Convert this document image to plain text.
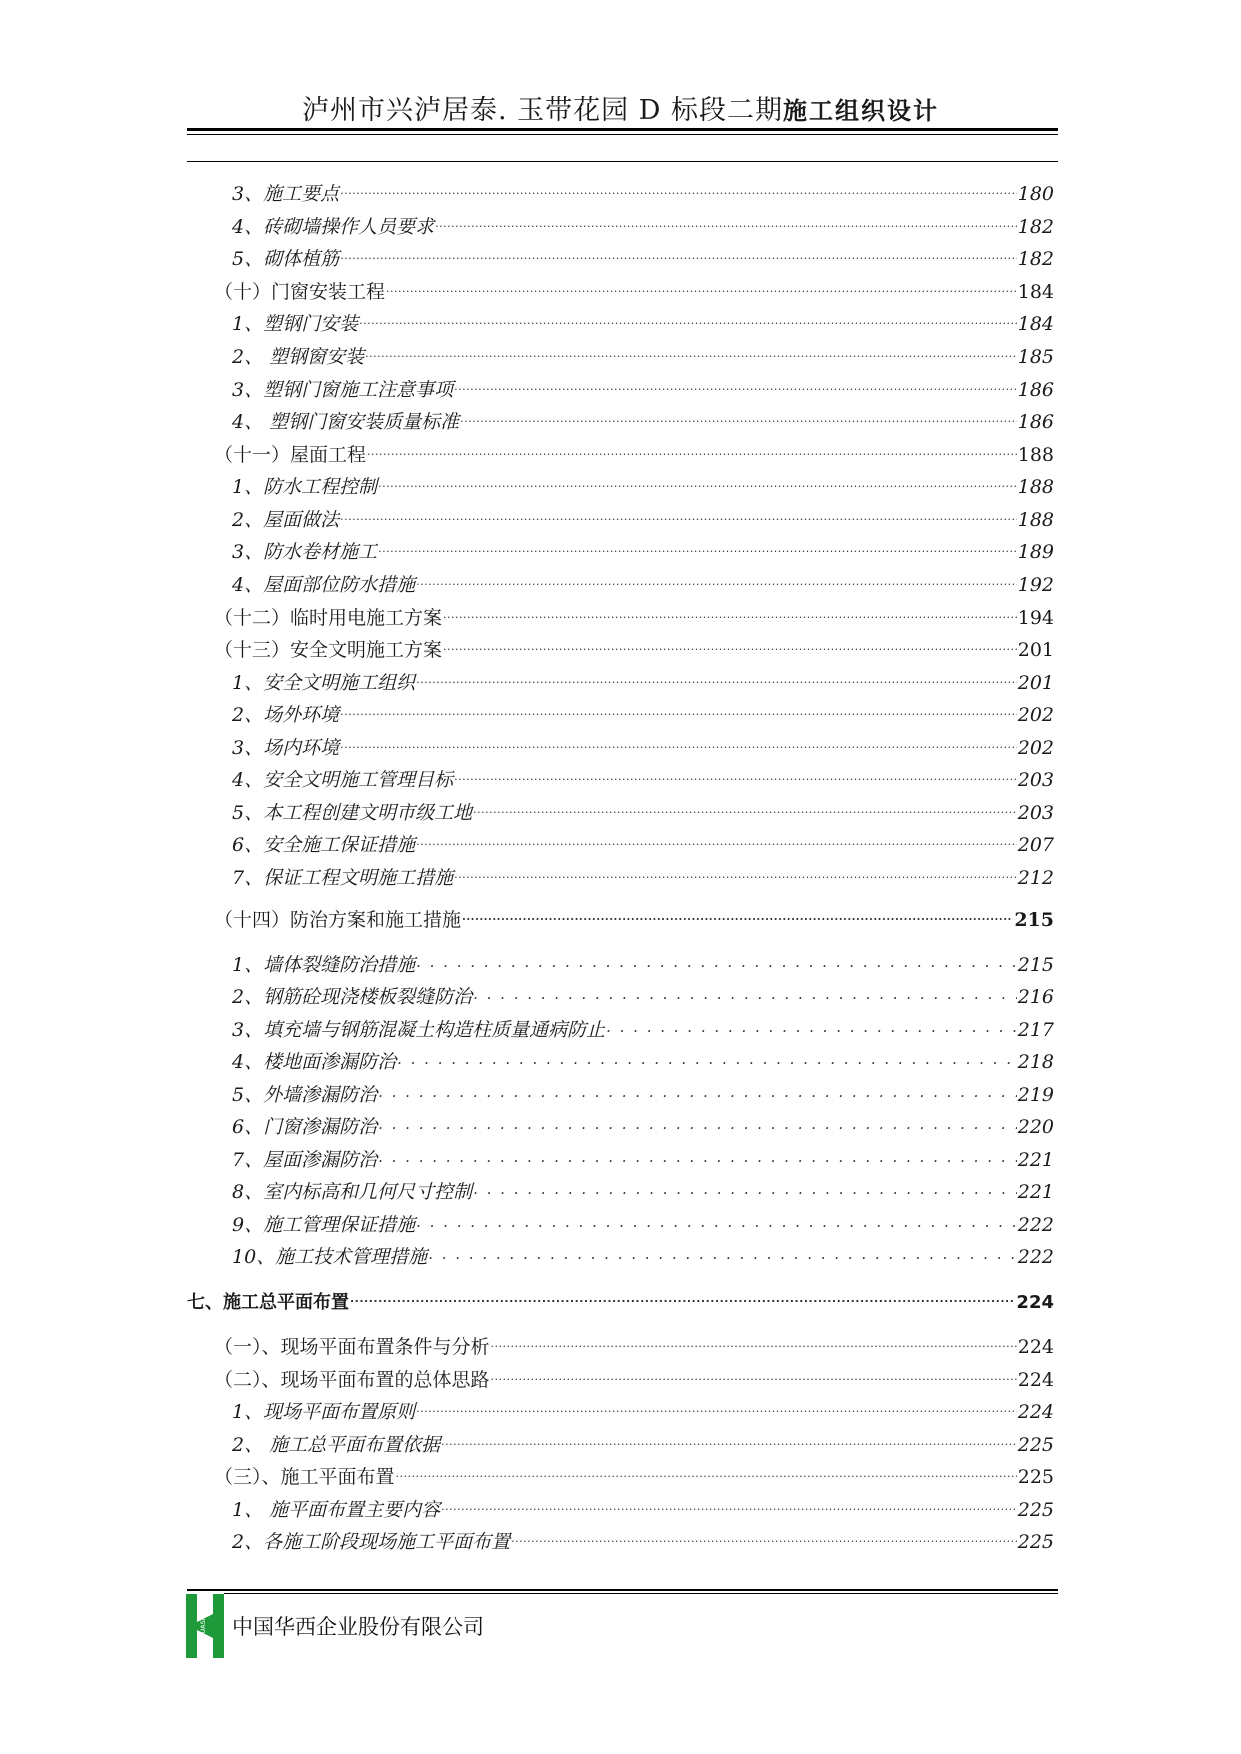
泸州市兴泸居泰. 玉带花园 D 标段二期施工组织设计
3、施工要点 .....	180
4、砖砌墙操作人员要求 .....	182
5、砌体植筋 .....	182
（十）门窗安装工程 .....	184
1、塑钢门安装 .....	184
2、 塑钢窗安装 .....	185
3、塑钢门窗施工注意事项 .....	186
4、 塑钢门窗安装质量标准 .....	186
（十一）屋面工程 .....	188
1、防水工程控制 .....	188
2、屋面做法 .....	188
3、防水卷材施工 .....	189
4、屋面部位防水措施 .....	192
（十二）临时用电施工方案 .....	194
（十三）安全文明施工方案 .....	201
1、安全文明施工组织 .....	201
2、场外环境 .....	202
3、场内环境 .....	202
4、安全文明施工管理目标 .....	203
5、本工程创建文明市级工地 .....	203
6、安全施工保证措施 .....	207
7、保证工程文明施工措施 .....	212
（十四）防治方案和施工措施 .....	215
1、墙体裂缝防治措施 . . .	215
2、钢筋砼现浇楼板裂缝防治 . . .	216
3、填充墙与钢筋混凝土构造柱质量通病防止 . . .	217
4、楼地面渗漏防治 . . .	218
5、外墙渗漏防治 . . .	219
6、门窗渗漏防治 . . .	220
7、屋面渗漏防治 . . .	221
8、室内标高和几何尺寸控制 . . .	221
9、施工管理保证措施 . . .	222
10、施工技术管理措施 . . .	222
七、施工总平面布置 .....	224
（一）、现场平面布置条件与分析 .....	224
（二）、现场平面布置的总体思路 .....	224
1、现场平面布置原则 .....	224
2、 施工总平面布置依据 .....	225
（三）、施工平面布置 .....	225
1、 施平面布置主要内容 .....	225
2、各施工阶段现场施工平面布置 .....	225
HUASHI 中国华西企业股份有限公司
